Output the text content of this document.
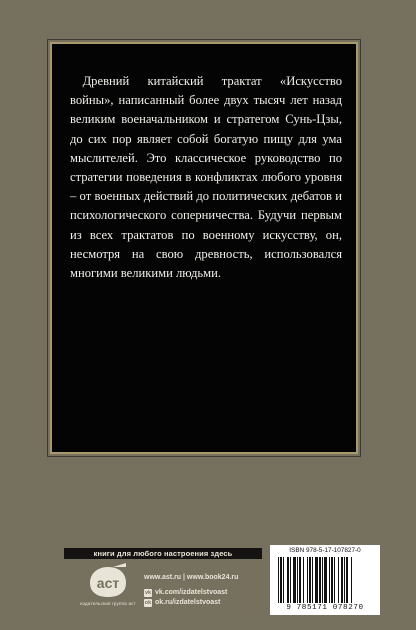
Древний китайский трактат «Искусство войны», написанный более двух тысяч лет назад великим военачальником и стратегом Сунь-Цзы, до сих пор являет собой богатую пищу для ума мыслителей. Это классическое руководство по стратегии поведения в конфликтах любого уровня – от военных действий до политических дебатов и психологического соперничества. Будучи первым из всех трактатов по военному искусству, он, несмотря на свою древность, использовался многими великими людьми.

книги для любого настроения здесь
аст
издательская группа аст
www.ast.ru | www.book24.ru
vk vk.com/izdatelstvoast
ok ok.ru/izdatelstvoast
ISBN 978-5-17-107827-0
9 785171 078270
